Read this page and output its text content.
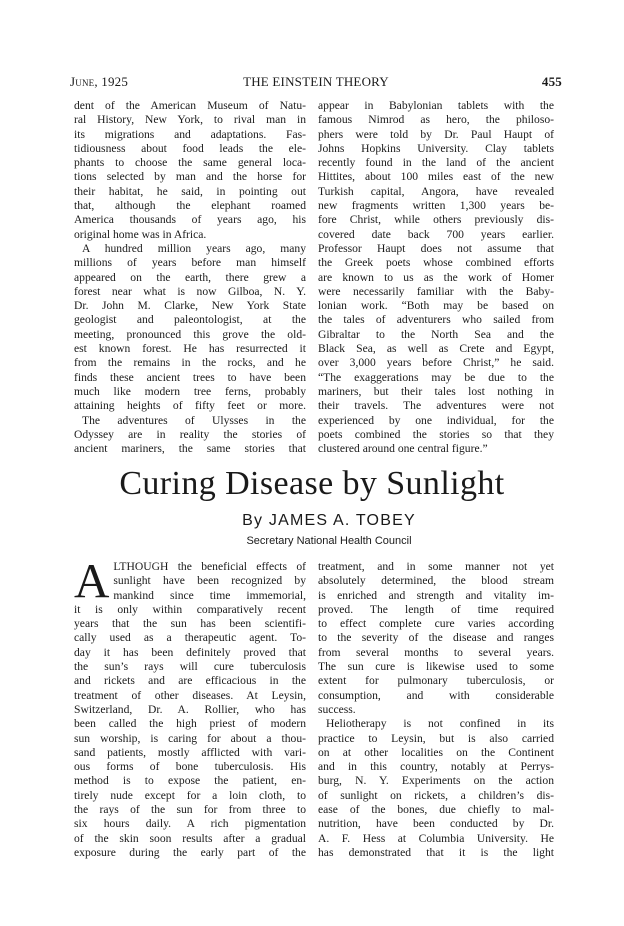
June, 1925	THE EINSTEIN THEORY	455
dent of the American Museum of Natu-
ral History, New York, to rival man in
its migrations and adaptations. Fas-
tidiousness about food leads the ele-
phants to choose the same general loca-
tions selected by man and the horse for
their habitat, he said, in pointing out
that, although the elephant roamed
America thousands of years ago, his
original home was in Africa.
A hundred million years ago, many
millions of years before man himself
appeared on the earth, there grew a
forest near what is now Gilboa, N. Y.
Dr. John M. Clarke, New York State
geologist and paleontologist, at the
meeting, pronounced this grove the old-
est known forest. He has resurrected it
from the remains in the rocks, and he
finds these ancient trees to have been
much like modern tree ferns, probably
attaining heights of fifty feet or more.
The adventures of Ulysses in the
Odyssey are in reality the stories of
ancient mariners, the same stories that
appear in Babylonian tablets with the
famous Nimrod as hero, the philoso-
phers were told by Dr. Paul Haupt of
Johns Hopkins University. Clay tablets
recently found in the land of the ancient
Hittites, about 100 miles east of the new
Turkish capital, Angora, have revealed
new fragments written 1,300 years be-
fore Christ, while others previously dis-
covered date back 700 years earlier.
Professor Haupt does not assume that
the Greek poets whose combined efforts
are known to us as the work of Homer
were necessarily familiar with the Baby-
lonian work. “Both may be based on
the tales of adventurers who sailed from
Gibraltar to the North Sea and the
Black Sea, as well as Crete and Egypt,
over 3,000 years before Christ,” he said.
“The exaggerations may be due to the
mariners, but their tales lost nothing in
their travels. The adventures were not
experienced by one individual, for the
poets combined the stories so that they
clustered around one central figure.”
Curing Disease by Sunlight
By JAMES A. TOBEY
Secretary National Health Council
A LTHOUGH the beneficial effects of
sunlight have been recognized by
mankind since time immemorial,
it is only within comparatively recent
years that the sun has been scientifi-
cally used as a therapeutic agent. To-
day it has been definitely proved that
the sun’s rays will cure tuberculosis
and rickets and are efficacious in the
treatment of other diseases. At Leysin,
Switzerland, Dr. A. Rollier, who has
been called the high priest of modern
sun worship, is caring for about a thou-
sand patients, mostly afflicted with vari-
ous forms of bone tuberculosis. His
method is to expose the patient, en-
tirely nude except for a loin cloth, to
the rays of the sun for from three to
six hours daily. A rich pigmentation
of the skin soon results after a gradual
exposure during the early part of the
treatment, and in some manner not yet
absolutely determined, the blood stream
is enriched and strength and vitality im-
proved. The length of time required
to effect complete cure varies according
to the severity of the disease and ranges
from several months to several years.
The sun cure is likewise used to some
extent for pulmonary tuberculosis, or
consumption, and with considerable
success.
Heliotherapy is not confined in its
practice to Leysin, but is also carried
on at other localities on the Continent
and in this country, notably at Perrys-
burg, N. Y. Experiments on the action
of sunlight on rickets, a children’s dis-
ease of the bones, due chiefly to mal-
nutrition, have been conducted by Dr.
A. F. Hess at Columbia University. He
has demonstrated that it is the light
